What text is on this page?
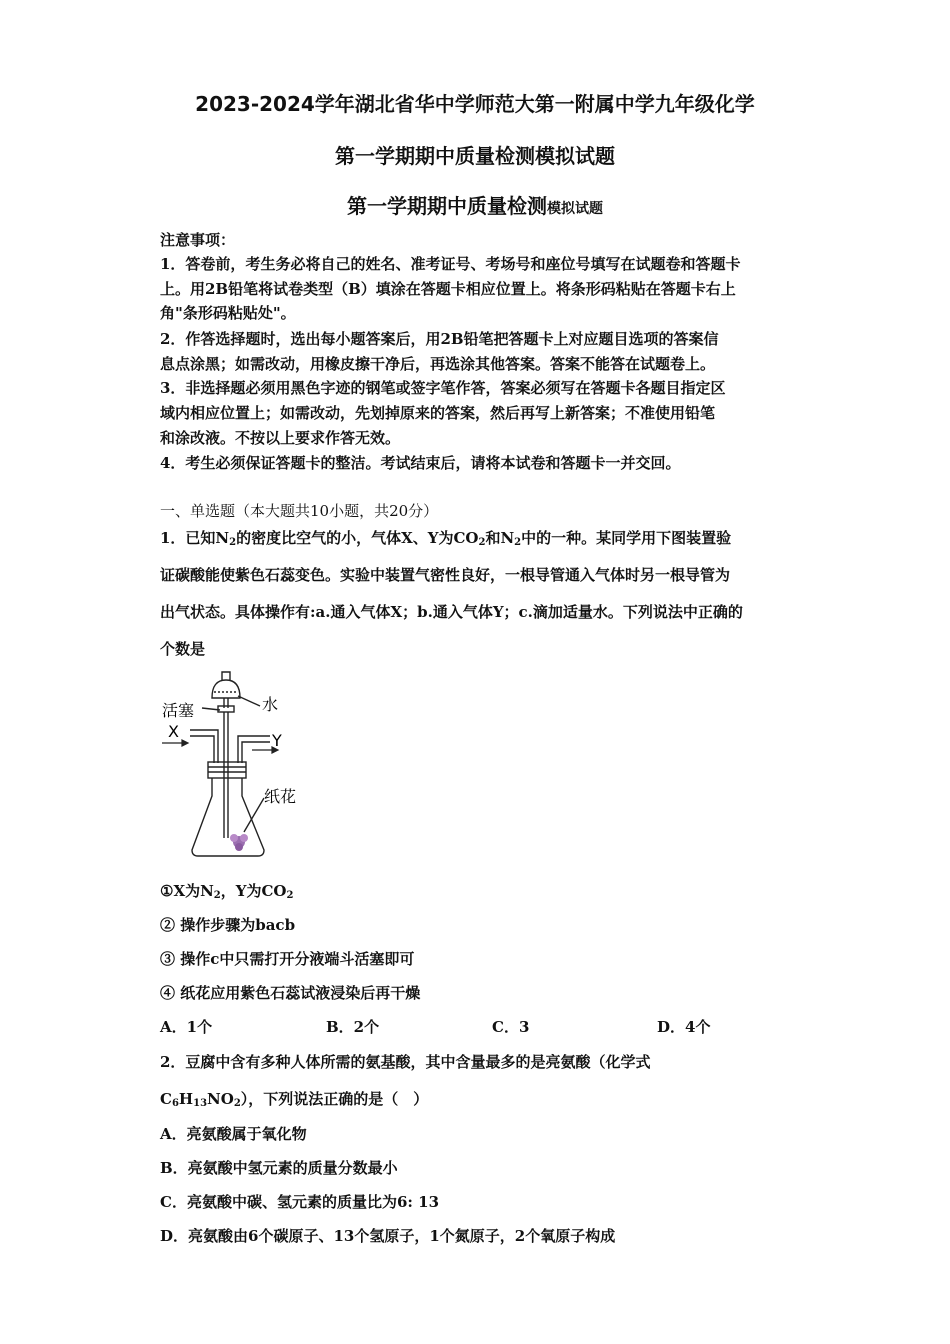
2023-2024学年湖北省华中学师范大第一附属中学九年级化学
第一学期期中质量检测模拟试题
第一学期期中质量检测模拟试题
注意事项：
1．答卷前，考生务必将自己的姓名、准考证号、考场号和座位号填写在试题卷和答题卡
上。用2B铅笔将试卷类型（B）填涂在答题卡相应位置上。将条形码粘贴在答题卡右上
角"条形码粘贴处"。
2．作答选择题时，选出每小题答案后，用2B铅笔把答题卡上对应题目选项的答案信
息点涂黑；如需改动，用橡皮擦干净后，再选涂其他答案。答案不能答在试题卷上。
3．非选择题必须用黑色字迹的钢笔或签字笔作答，答案必须写在答题卡各题目指定区
域内相应位置上；如需改动，先划掉原来的答案，然后再写上新答案；不准使用铅笔
和涂改液。不按以上要求作答无效。
4．考生必须保证答题卡的整洁。考试结束后，请将本试卷和答题卡一并交回。
一、单选题（本大题共10小题，共20分）
1．已知$N_2$的密度比空气的小，气体X、Y为$CO_2$和$N_2$中的一种。某同学用下图装置验
证碳酸能使紫色石蕊变色。实验中装置气密性良好，一根导管通入气体时另一根导管为
出气状态。具体操作有:a.通入气体X；b.通入气体Y；c.滴加适量水。下列说法中正确的
个数是
活塞	水
X	Y
纸花
①X为$N_2$，Y为$CO_2$
② 操作步骤为bacb
③ 操作c中只需打开分液端斗活塞即可
④ 纸花应用紫色石蕊试液浸染后再干燥
A．1个	B．2个	C．3	D．4个
2．豆腐中含有多种人体所需的氨基酸，其中含量最多的是亮氨酸（化学式
$C_6H_{13}NO_2$），下列说法正确的是（　）
A．亮氨酸属于氧化物
B．亮氨酸中氢元素的质量分数最小
C．亮氨酸中碳、氢元素的质量比为6: 13
D．亮氨酸由6个碳原子、13个氢原子，1个氮原子，2个氧原子构成
